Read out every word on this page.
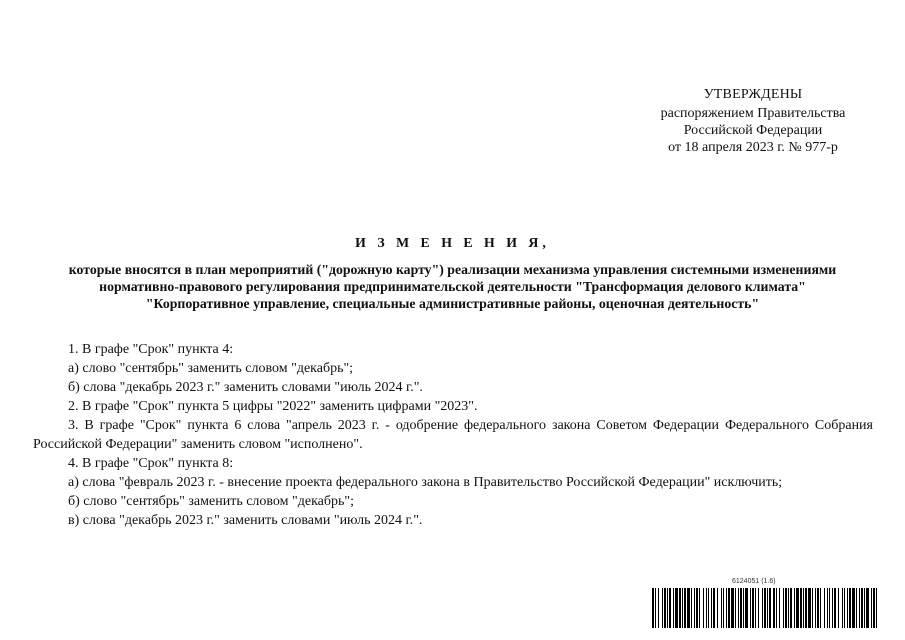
УТВЕРЖДЕНЫ
распоряжением Правительства
Российской Федерации
от 18 апреля 2023 г. № 977-р
И З М Е Н Е Н И Я,
которые вносятся в план мероприятий ("дорожную карту") реализации механизма управления системными изменениями
нормативно-правового регулирования предпринимательской деятельности "Трансформация делового климата"
"Корпоративное управление, специальные административные районы, оценочная деятельность"

1. В графе "Срок" пункта 4:

а) слово "сентябрь" заменить словом "декабрь";

б) слова "декабрь 2023 г." заменить словами "июль 2024 г.".

2. В графе "Срок" пункта 5 цифры "2022" заменить цифрами "2023".

3. В графе "Срок" пункта 6 слова "апрель 2023 г. - одобрение федерального закона Советом Федерации Федерального Собрания Российской Федерации" заменить словом "исполнено".

4. В графе "Срок" пункта 8:

а) слова "февраль 2023 г. - внесение проекта федерального закона в Правительство Российской Федерации" исключить;

б) слово "сентябрь" заменить словом "декабрь";

в) слова "декабрь 2023 г." заменить словами "июль 2024 г.".

6124051 (1.6)
